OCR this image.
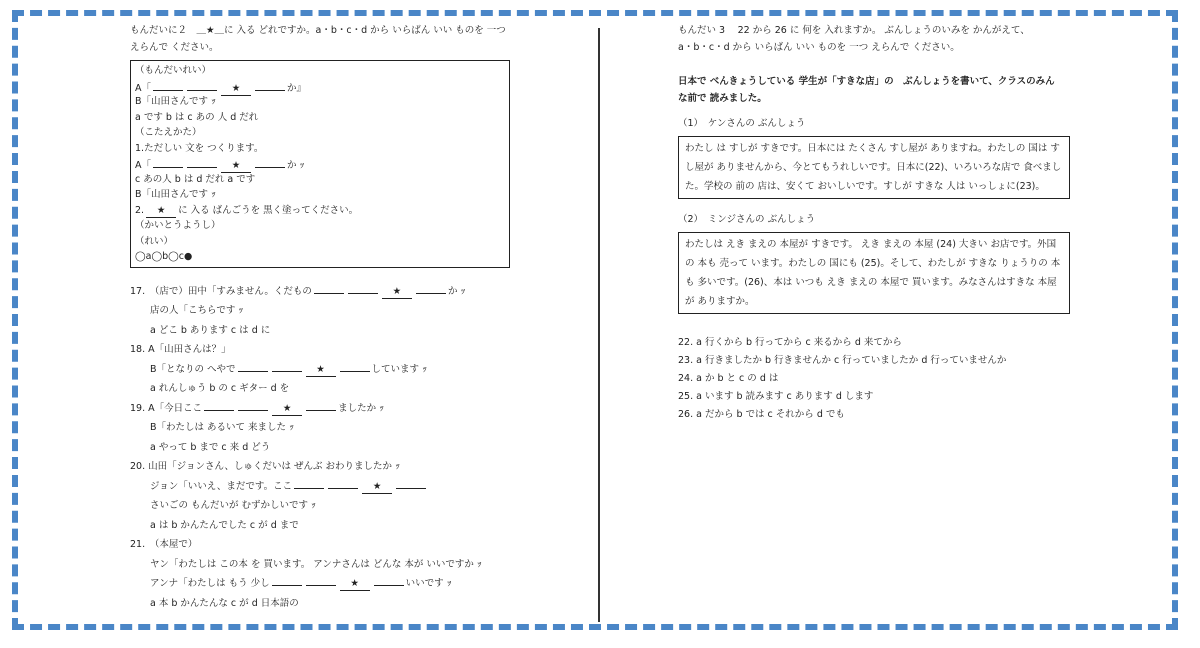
もんだいに２　＿★＿に 入る どれですか。a・b・c・d から いらばん いい ものを 一つ
えらんで ください。
（もんだいれい）
A「	★	か』
B「山田さんです ｯ
a です b は c あの 人 d だれ
（こたえかた）
1.ただしい 文を つくります。
A「	★	か ｯ
c あの人 b は d だれ a です
B「山田さんです ｯ
2. ★ に 入る ばんごうを 黒く塗ってください。
（かいとうようし）
（れい）
◯a◯b◯c●
17.　（店で）田中「すみません。くだもの	★	か ｯ
店の人「こちらです ｯ
a どこ b あります c は d に
18. A「山田さんは？」
B「となりの へやで	★	しています ｯ
a れんしゅう b の c ギター d を
19. A「今日ここ	★	ましたか ｯ
B「わたしは あるいて 来ました ｯ
a やって b まで c 来 d どう
20. 山田「ジョンさん、しゅくだいは ぜんぶ おわりましたか ｯ
ジョン「いいえ、まだです。ここ	★
さいごの もんだいが むずかしいです ｯ
a は b かんたんでした c が d まで
21.　（本屋で）
ヤン「わたしは この本 を 買います。 アンナさんは どんな 本が いいですか ｯ
アンナ「わたしは もう 少し	★	いいです ｯ
a 本 b かんたんな c が d 日本語の
もんだい 3　 22 から 26 に 何を 入れますか。 ぶんしょうのいみを かんがえて、
a・b・c・d から いらばん いい ものを 一つ えらんで ください。
日本で べんきょうしている 学生が「すきな店」の　ぶんしょうを書いて、クラスのみん
な前で 読みました。
（1）　ケンさんの ぶんしょう
わたし は すしが すきです。日本には たくさん すし屋が ありますね。わたしの 国は すし屋が ありませんから、今とてもうれしいです。日本に(22)、いろいろな店で 食べました。学校の 前の 店は、安くて おいしいです。すしが すきな 人は いっしょに(23)。
（2）　ミンジさんの ぶんしょう
わたしは えき まえの 本屋が すきです。 えき まえの 本屋 (24) 大きい お店です。外国の 本も 売って います。わたしの 国にも (25)。そして、わたしが すきな りょうりの 本も 多いです。(26)、本は いつも えき まえの 本屋で 買います。みなさんはすきな 本屋が ありますか。
22. a 行くから b 行ってから c 来るから d 来てから
23. a 行きましたか b 行きませんか c 行っていましたか d 行っていませんか
24. a か b と c の d は
25. a います b 読みます c あります d します
26. a だから b では c それから d でも
